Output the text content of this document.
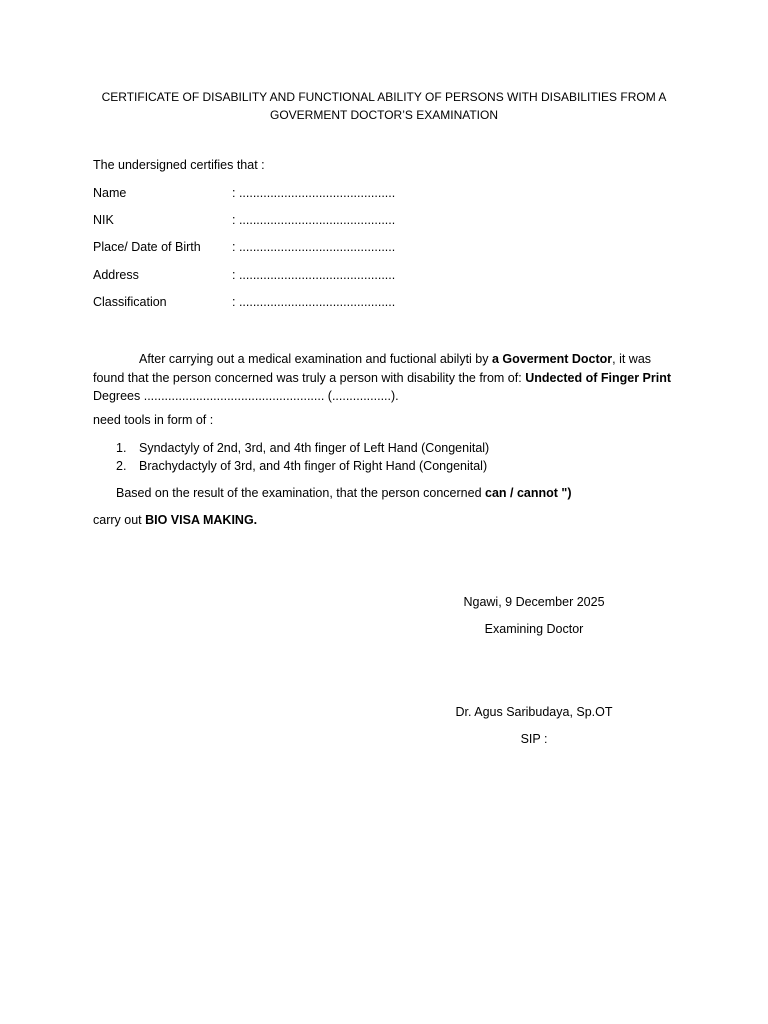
CERTIFICATE OF DISABILITY AND FUNCTIONAL ABILITY OF PERSONS WITH DISABILITIES FROM A
GOVERMENT DOCTOR’S EXAMINATION
The undersigned certifies that :
Name	: .............................................
NIK	: .............................................
Place/ Date of Birth	: .............................................
Address	: .............................................
Classification	: .............................................
After carrying out a medical examination and fuctional abilyti by a Goverment Doctor, it was found that the person concerned was truly a person with disability the from of: Undected of Finger Print Degrees .................................................... (.................).
need tools in form of :
1. Syndactyly of 2nd, 3rd, and 4th finger of Left Hand (Congenital)
2. Brachydactyly of 3rd, and 4th finger of Right Hand (Congenital)
Based on the result of the examination, that the person concerned can / cannot ")
carry out BIO VISA MAKING.
Ngawi, 9 December 2025
Examining Doctor
Dr. Agus Saribudaya, Sp.OT
SIP :
